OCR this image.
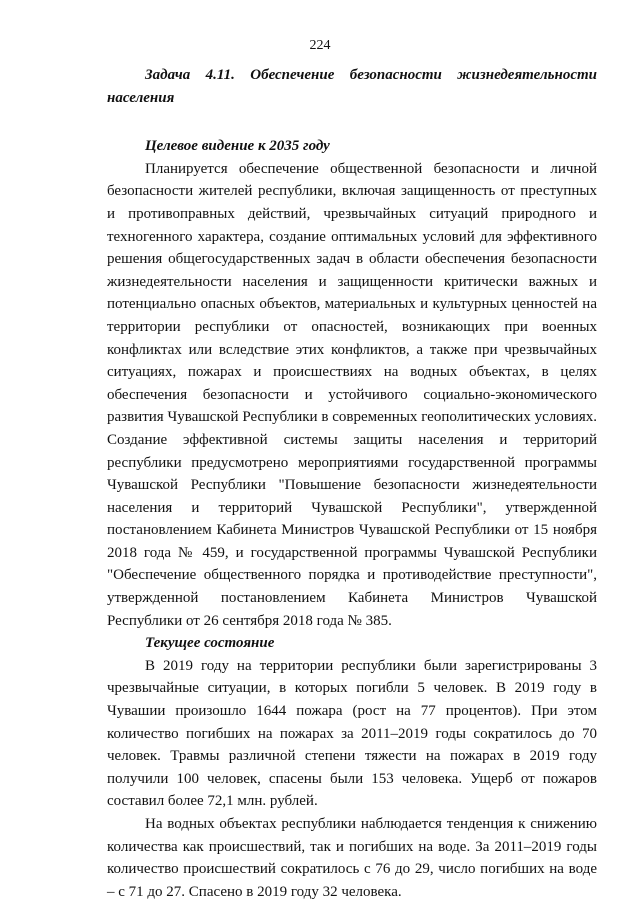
224

Задача 4.11. Обеспечение безопасности жизнедеятельности населения

Целевое видение к 2035 году

Планируется обеспечение общественной безопасности и личной безопасности жителей республики, включая защищенность от преступных и противоправных действий, чрезвычайных ситуаций природного и техногенного характера, создание оптимальных условий для эффективного решения общегосударственных задач в области обеспечения безопасности жизнедеятельности населения и защищенности критически важных и потенциально опасных объектов, материальных и культурных ценностей на территории республики от опасностей, возникающих при военных конфликтах или вследствие этих конфликтов, а также при чрезвычайных ситуациях, пожарах и происшествиях на водных объектах, в целях обеспечения безопасности и устойчивого социально-экономического развития Чувашской Республики в современных геополитических условиях. Создание эффективной системы защиты населения и территорий республики предусмотрено мероприятиями государственной программы Чувашской Республики "Повышение безопасности жизнедеятельности населения и территорий Чувашской Республики", утвержденной постановлением Кабинета Министров Чувашской Республики от 15 ноября 2018 года № 459, и государственной программы Чувашской Республики "Обеспечение общественного порядка и противодействие преступности", утвержденной постановлением Кабинета Министров Чувашской Республики от 26 сентября 2018 года № 385.

Текущее состояние

В 2019 году на территории республики были зарегистрированы 3 чрезвычайные ситуации, в которых погибли 5 человек. В 2019 году в Чувашии произошло 1644 пожара (рост на 77 процентов). При этом количество погибших на пожарах за 2011–2019 годы сократилось до 70 человек. Травмы различной степени тяжести на пожарах в 2019 году получили 100 человек, спасены были 153 человека. Ущерб от пожаров составил более 72,1 млн. рублей.

На водных объектах республики наблюдается тенденция к снижению количества как происшествий, так и погибших на воде. За 2011–2019 годы количество происшествий сократилось с 76 до 29, число погибших на воде – с 71 до 27. Спасено в 2019 году 32 человека.
